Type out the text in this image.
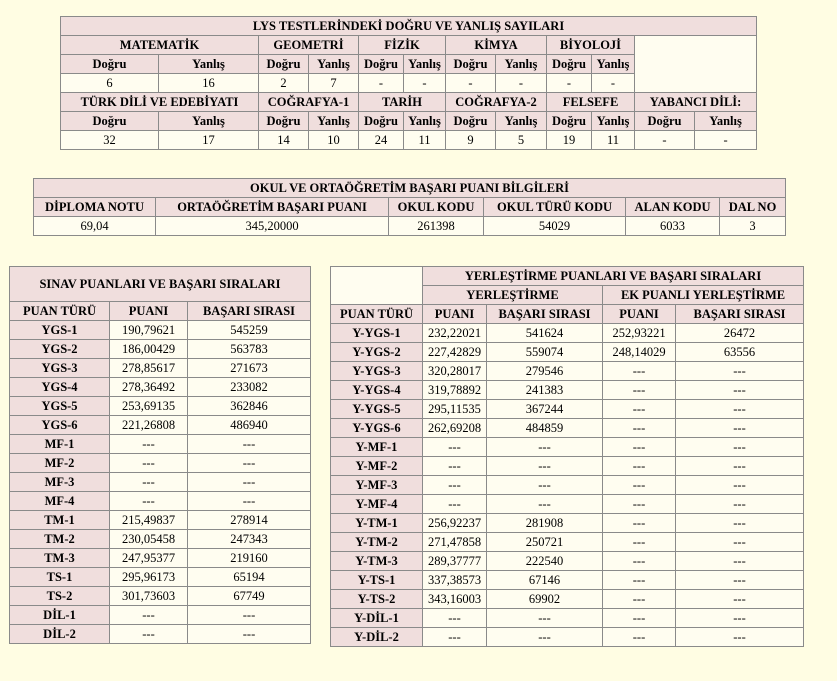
LYS TESTLERİNDEKİ DOĞRU VE YANLIŞ SAYILARI											
MATEMATİK		GEOMETRİ		FİZİK		KİMYA		BİYOLOJİ			
Doğru	Yanlış	Doğru	Yanlış	Doğru	Yanlış	Doğru	Yanlış	Doğru	Yanlış		
6	16	2	7	-	-	-	-	-	-		
TÜRK DİLİ VE EDEBİYATI		COĞRAFYA-1		TARİH		COĞRAFYA-2		FELSEFE		YABANCI DİLİ:	
Doğru	Yanlış	Doğru	Yanlış	Doğru	Yanlış	Doğru	Yanlış	Doğru	Yanlış	Doğru	Yanlış
32	17	14	10	24	11	9	5	19	11	-	-
OKUL VE ORTAÖĞRETİM BAŞARI PUANI BİLGİLERİ					
DİPLOMA NOTU	ORTAÖĞRETİM BAŞARI PUANI	OKUL KODU	OKUL TÜRÜ KODU	ALAN KODU	DAL NO
69,04	345,20000	261398	54029	6033	3
SINAV PUANLARI VE BAŞARI SIRALARI		
PUAN TÜRÜ	PUANI	BAŞARI SIRASI
YGS-1	190,79621	545259
YGS-2	186,00429	563783
YGS-3	278,85617	271673
YGS-4	278,36492	233082
YGS-5	253,69135	362846
YGS-6	221,26808	486940
MF-1	---	---
MF-2	---	---
MF-3	---	---
MF-4	---	---
TM-1	215,49837	278914
TM-2	230,05458	247343
TM-3	247,95377	219160
TS-1	295,96173	65194
TS-2	301,73603	67749
DİL-1	---	---
DİL-2	---	---
	YERLEŞTİRME PUANLARI VE BAŞARI SIRALARI			
	YERLEŞTİRME		EK PUANLI YERLEŞTİRME	
PUAN TÜRÜ	PUANI	BAŞARI SIRASI	PUANI	BAŞARI SIRASI
Y-YGS-1	232,22021	541624	252,93221	26472
Y-YGS-2	227,42829	559074	248,14029	63556
Y-YGS-3	320,28017	279546	---	---
Y-YGS-4	319,78892	241383	---	---
Y-YGS-5	295,11535	367244	---	---
Y-YGS-6	262,69208	484859	---	---
Y-MF-1	---	---	---	---
Y-MF-2	---	---	---	---
Y-MF-3	---	---	---	---
Y-MF-4	---	---	---	---
Y-TM-1	256,92237	281908	---	---
Y-TM-2	271,47858	250721	---	---
Y-TM-3	289,37777	222540	---	---
Y-TS-1	337,38573	67146	---	---
Y-TS-2	343,16003	69902	---	---
Y-DİL-1	---	---	---	---
Y-DİL-2	---	---	---	---
